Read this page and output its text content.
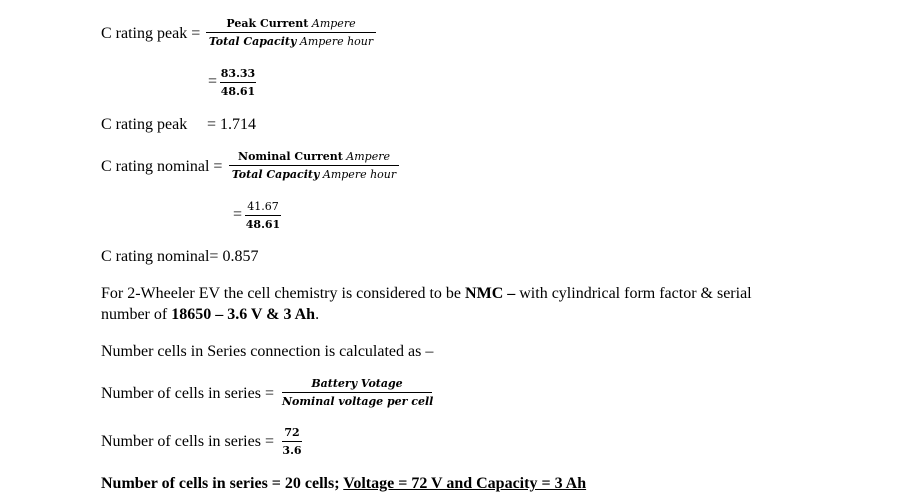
C rating peak =
Peak Current Ampere
Total Capacity Ampere hour
= 83.33
48.61
C rating peak = 1.714
C rating nominal =
Nominal Current Ampere
Total Capacity Ampere hour
= 41.67
48.61
C rating nominal= 0.857
For 2-Wheeler EV the cell chemistry is considered to be NMC – with cylindrical form factor & serial
number of 18650 – 3.6 V & 3 Ah.
Number cells in Series connection is calculated as –
Number of cells in series =
Battery Votage
Nominal voltage per cell
Number of cells in series =
72
3.6
Number of cells in series = 20 cells; Voltage = 72 V and Capacity = 3 Ah
